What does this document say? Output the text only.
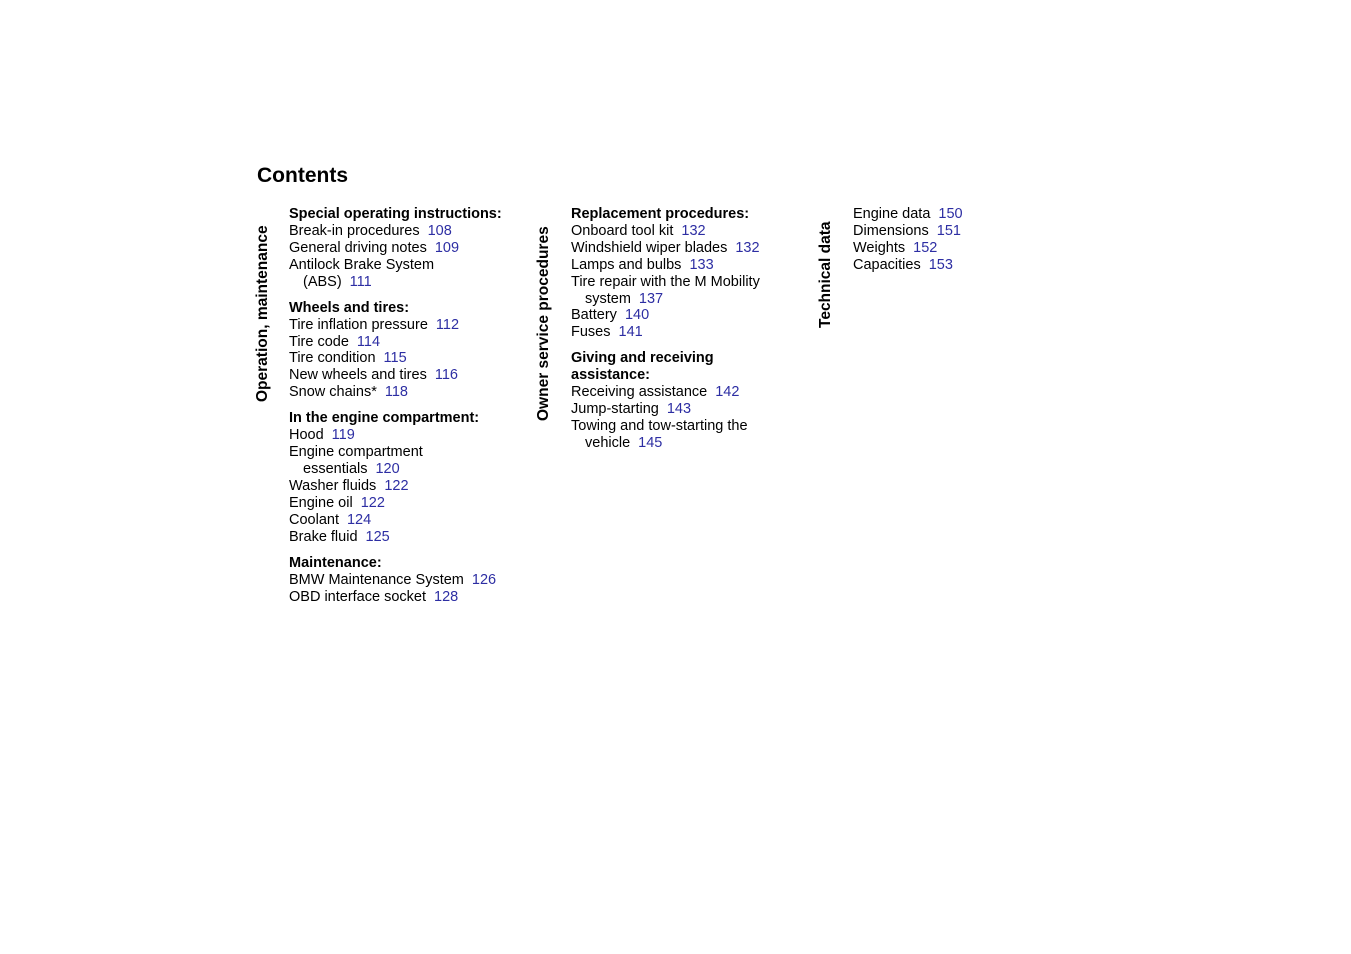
Contents
Operation, maintenance
Special operating instructions:
Break-in procedures 108
General driving notes 109
Antilock Brake System (ABS) 111
Wheels and tires:
Tire inflation pressure 112
Tire code 114
Tire condition 115
New wheels and tires 116
Snow chains* 118
In the engine compartment:
Hood 119
Engine compartment essentials 120
Washer fluids 122
Engine oil 122
Coolant 124
Brake fluid 125
Maintenance:
BMW Maintenance System 126
OBD interface socket 128
Owner service procedures
Replacement procedures:
Onboard tool kit 132
Windshield wiper blades 132
Lamps and bulbs 133
Tire repair with the M Mobility system 137
Battery 140
Fuses 141
Giving and receiving assistance:
Receiving assistance 142
Jump-starting 143
Towing and tow-starting the vehicle 145
Technical data
Engine data 150
Dimensions 151
Weights 152
Capacities 153
